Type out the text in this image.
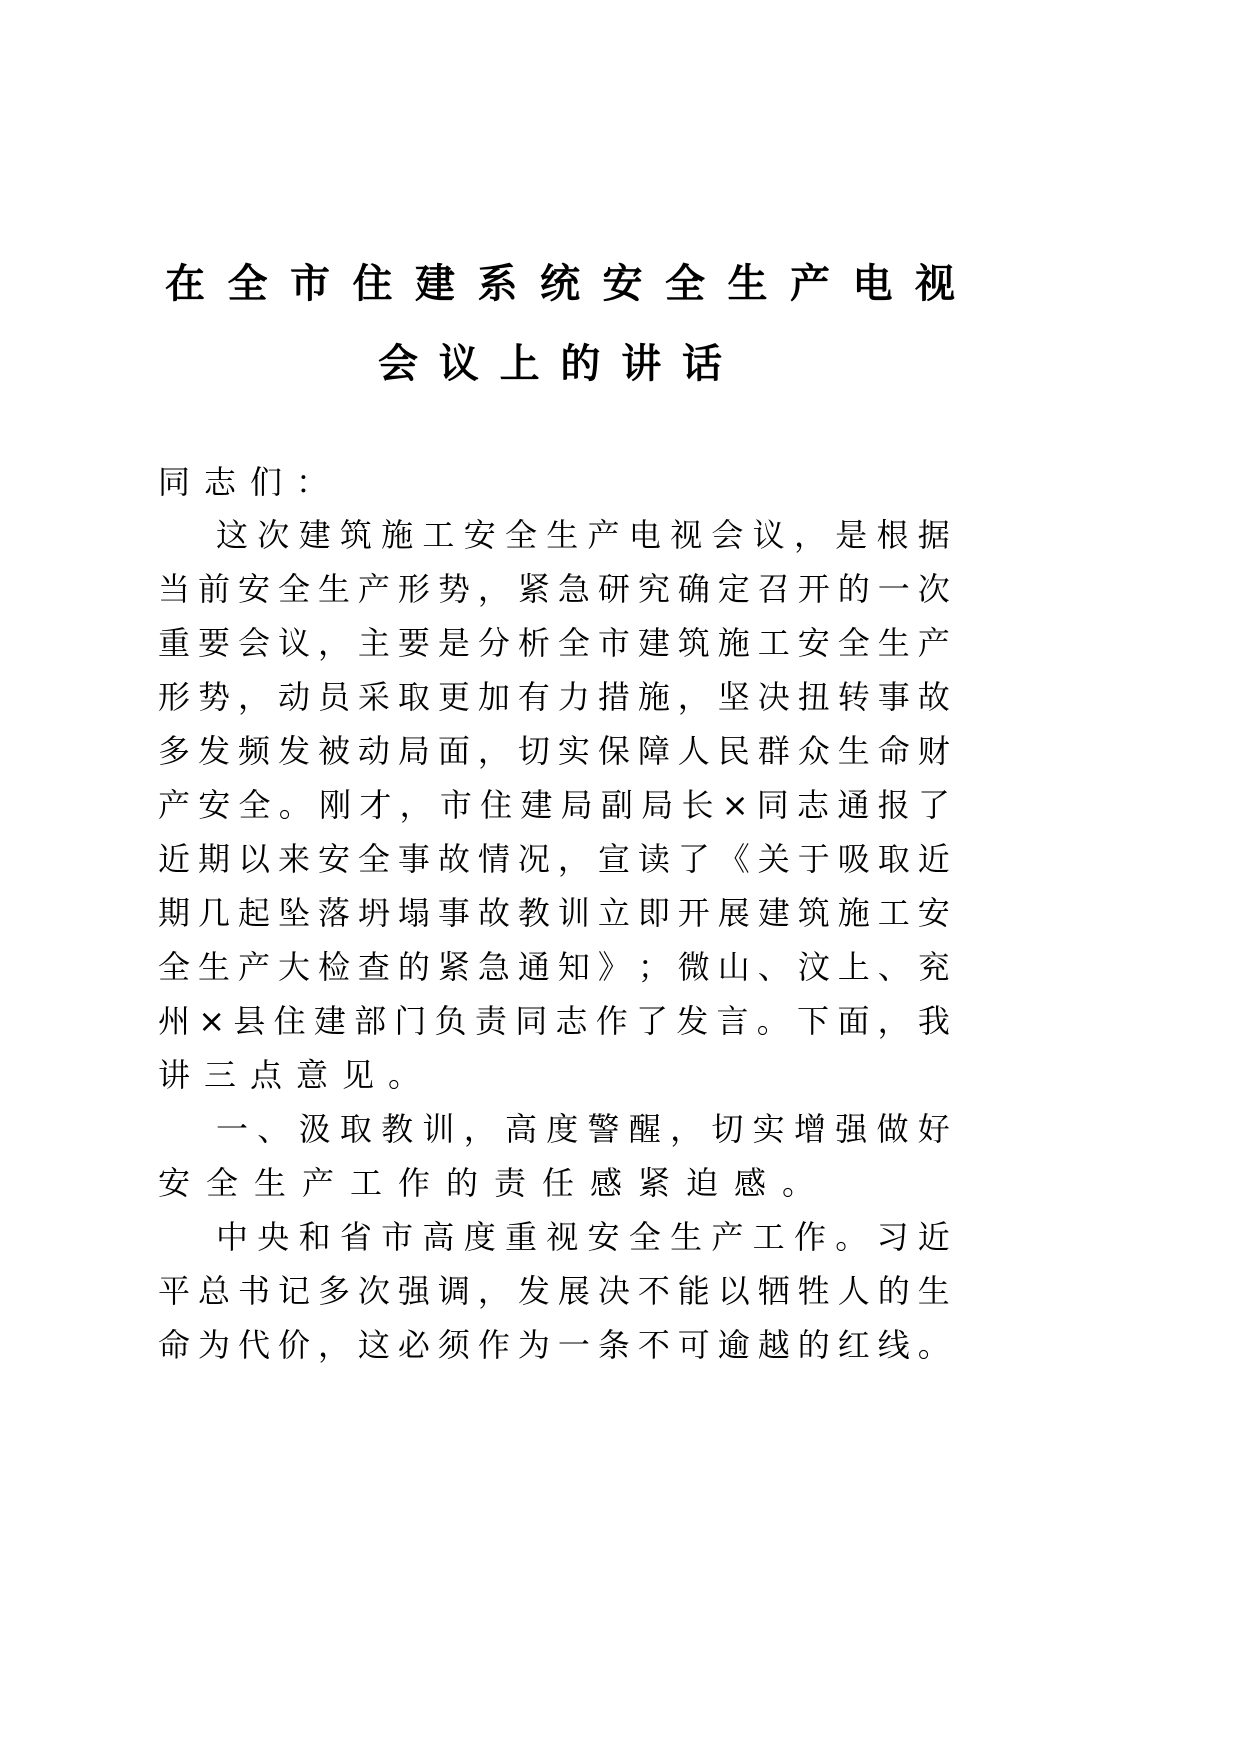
在 全 市 住 建 系 统 安 全 生 产 电 视
会 议 上 的 讲 话
同志们：
这 次 建 筑 施 工 安 全 生 产 电 视 会 议 ， 是 根 据
当 前 安 全 生 产 形 势 ， 紧 急 研 究 确 定 召 开 的 一 次
重 要 会 议 ， 主 要 是 分 析 全 市 建 筑 施 工 安 全 生 产
形 势 ， 动 员 采 取 更 加 有 力 措 施 ， 坚 决 扭 转 事 故
多 发 频 发 被 动 局 面 ， 切 实 保 障 人 民 群 众 生 命 财
产 安 全 。 刚 才 ， 市 住 建 局 副 局 长 × 同 志 通 报 了
近 期 以 来 安 全 事 故 情 况 ， 宣 读 了 《 关 于 吸 取 近
期 几 起 坠 落 坍 塌 事 故 教 训 立 即 开 展 建 筑 施 工 安
全 生 产 大 检 查 的 紧 急 通 知 》 ； 微 山 、 汶 上 、 兖
州 × 县 住 建 部 门 负 责 同 志 作 了 发 言 。 下 面 ， 我
讲三点意见。
一 、 汲 取 教 训 ， 高 度 警 醒 ， 切 实 增 强 做 好
安全生产工作的责任感紧迫感。
中 央 和 省 市 高 度 重 视 安 全 生 产 工 作 。 习 近
平 总 书 记 多 次 强 调 ， 发 展 决 不 能 以 牺 牲 人 的 生
命 为 代 价 ， 这 必 须 作 为 一 条 不 可 逾 越 的 红 线 。
